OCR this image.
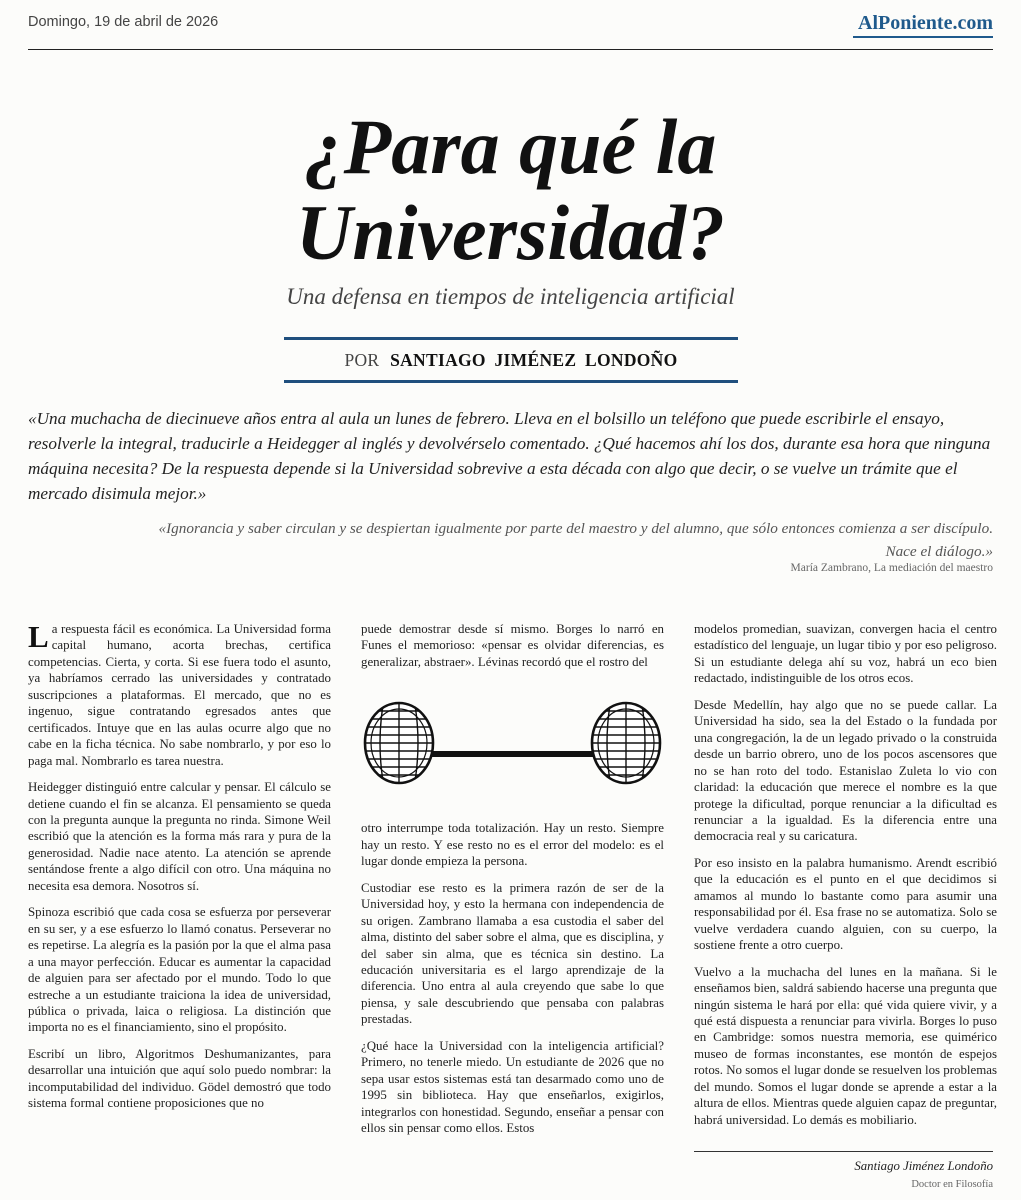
Domingo, 19 de abril de 2026	AlPoniente.com
¿Para qué la
Universidad?
Una defensa en tiempos de inteligencia artificial
POR SANTIAGO JIMÉNEZ LONDOÑO
«Una muchacha de diecinueve años entra al aula un lunes de febrero. Lleva en el bolsillo un teléfono que puede escribirle el ensayo, resolverle la integral, traducirle a Heidegger al inglés y devolvérselo comentado. ¿Qué hacemos ahí los dos, durante esa hora que ninguna máquina necesita? De la respuesta depende si la Universidad sobrevive a esta década con algo que decir, o se vuelve un trámite que el mercado disimula mejor.»
«Ignorancia y saber circulan y se despiertan igualmente por parte del maestro y del alumno, que sólo entonces comienza a ser discípulo. Nace el diálogo.»
María Zambrano, La mediación del maestro

La respuesta fácil es económica. La Universidad forma capital humano, acorta brechas, certifica competencias. Cierta, y corta. Si ese fuera todo el asunto, ya habríamos cerrado las universidades y contratado suscripciones a plataformas. El mercado, que no es ingenuo, sigue contratando egresados antes que certificados. Intuye que en las aulas ocurre algo que no cabe en la ficha técnica. No sabe nombrarlo, y por eso lo paga mal. Nombrarlo es tarea nuestra.

Heidegger distinguió entre calcular y pensar. El cálculo se detiene cuando el fin se alcanza. El pensamiento se queda con la pregunta aunque la pregunta no rinda. Simone Weil escribió que la atención es la forma más rara y pura de la generosidad. Nadie nace atento. La atención se aprende sentándose frente a algo difícil con otro. Una máquina no necesita esa demora. Nosotros sí.

Spinoza escribió que cada cosa se esfuerza por perseverar en su ser, y a ese esfuerzo lo llamó conatus. Perseverar no es repetirse. La alegría es la pasión por la que el alma pasa a una mayor perfección. Educar es aumentar la capacidad de alguien para ser afectado por el mundo. Todo lo que estreche a un estudiante traiciona la idea de universidad, pública o privada, laica o religiosa. La distinción que importa no es el financiamiento, sino el propósito.

Escribí un libro, Algoritmos Deshumanizantes, para desarrollar una intuición que aquí solo puedo nombrar: la incomputabilidad del individuo. Gödel demostró que todo sistema formal contiene proposiciones que no

puede demostrar desde sí mismo. Borges lo narró en Funes el memorioso: «pensar es olvidar diferencias, es generalizar, abstraer». Lévinas recordó que el rostro del

otro interrumpe toda totalización. Hay un resto. Siempre hay un resto. Y ese resto no es el error del modelo: es el lugar donde empieza la persona.

Custodiar ese resto es la primera razón de ser de la Universidad hoy, y esto la hermana con independencia de su origen. Zambrano llamaba a esa custodia el saber del alma, distinto del saber sobre el alma, que es disciplina, y del saber sin alma, que es técnica sin destino. La educación universitaria es el largo aprendizaje de la diferencia. Uno entra al aula creyendo que sabe lo que piensa, y sale descubriendo que pensaba con palabras prestadas.

¿Qué hace la Universidad con la inteligencia artificial? Primero, no tenerle miedo. Un estudiante de 2026 que no sepa usar estos sistemas está tan desarmado como uno de 1995 sin biblioteca. Hay que enseñarlos, exigirlos, integrarlos con honestidad. Segundo, enseñar a pensar con ellos sin pensar como ellos. Estos

modelos promedian, suavizan, convergen hacia el centro estadístico del lenguaje, un lugar tibio y por eso peligroso. Si un estudiante delega ahí su voz, habrá un eco bien redactado, indistinguible de los otros ecos.

Desde Medellín, hay algo que no se puede callar. La Universidad ha sido, sea la del Estado o la fundada por una congregación, la de un legado privado o la construida desde un barrio obrero, uno de los pocos ascensores que no se han roto del todo. Estanislao Zuleta lo vio con claridad: la educación que merece el nombre es la que protege la dificultad, porque renunciar a la dificultad es renunciar a la igualdad. Es la diferencia entre una democracia real y su caricatura.

Por eso insisto en la palabra humanismo. Arendt escribió que la educación es el punto en el que decidimos si amamos al mundo lo bastante como para asumir una responsabilidad por él. Esa frase no se automatiza. Solo se vuelve verdadera cuando alguien, con su cuerpo, la sostiene frente a otro cuerpo.

Vuelvo a la muchacha del lunes en la mañana. Si le enseñamos bien, saldrá sabiendo hacerse una pregunta que ningún sistema le hará por ella: qué vida quiere vivir, y a qué está dispuesta a renunciar para vivirla. Borges lo puso en Cambridge: somos nuestra memoria, ese quimérico museo de formas inconstantes, ese montón de espejos rotos. No somos el lugar donde se resuelven los problemas del mundo. Somos el lugar donde se aprende a estar a la altura de ellos. Mientras quede alguien capaz de preguntar, habrá universidad. Lo demás es mobiliario.

Santiago Jiménez Londoño
Doctor en Filosofía
